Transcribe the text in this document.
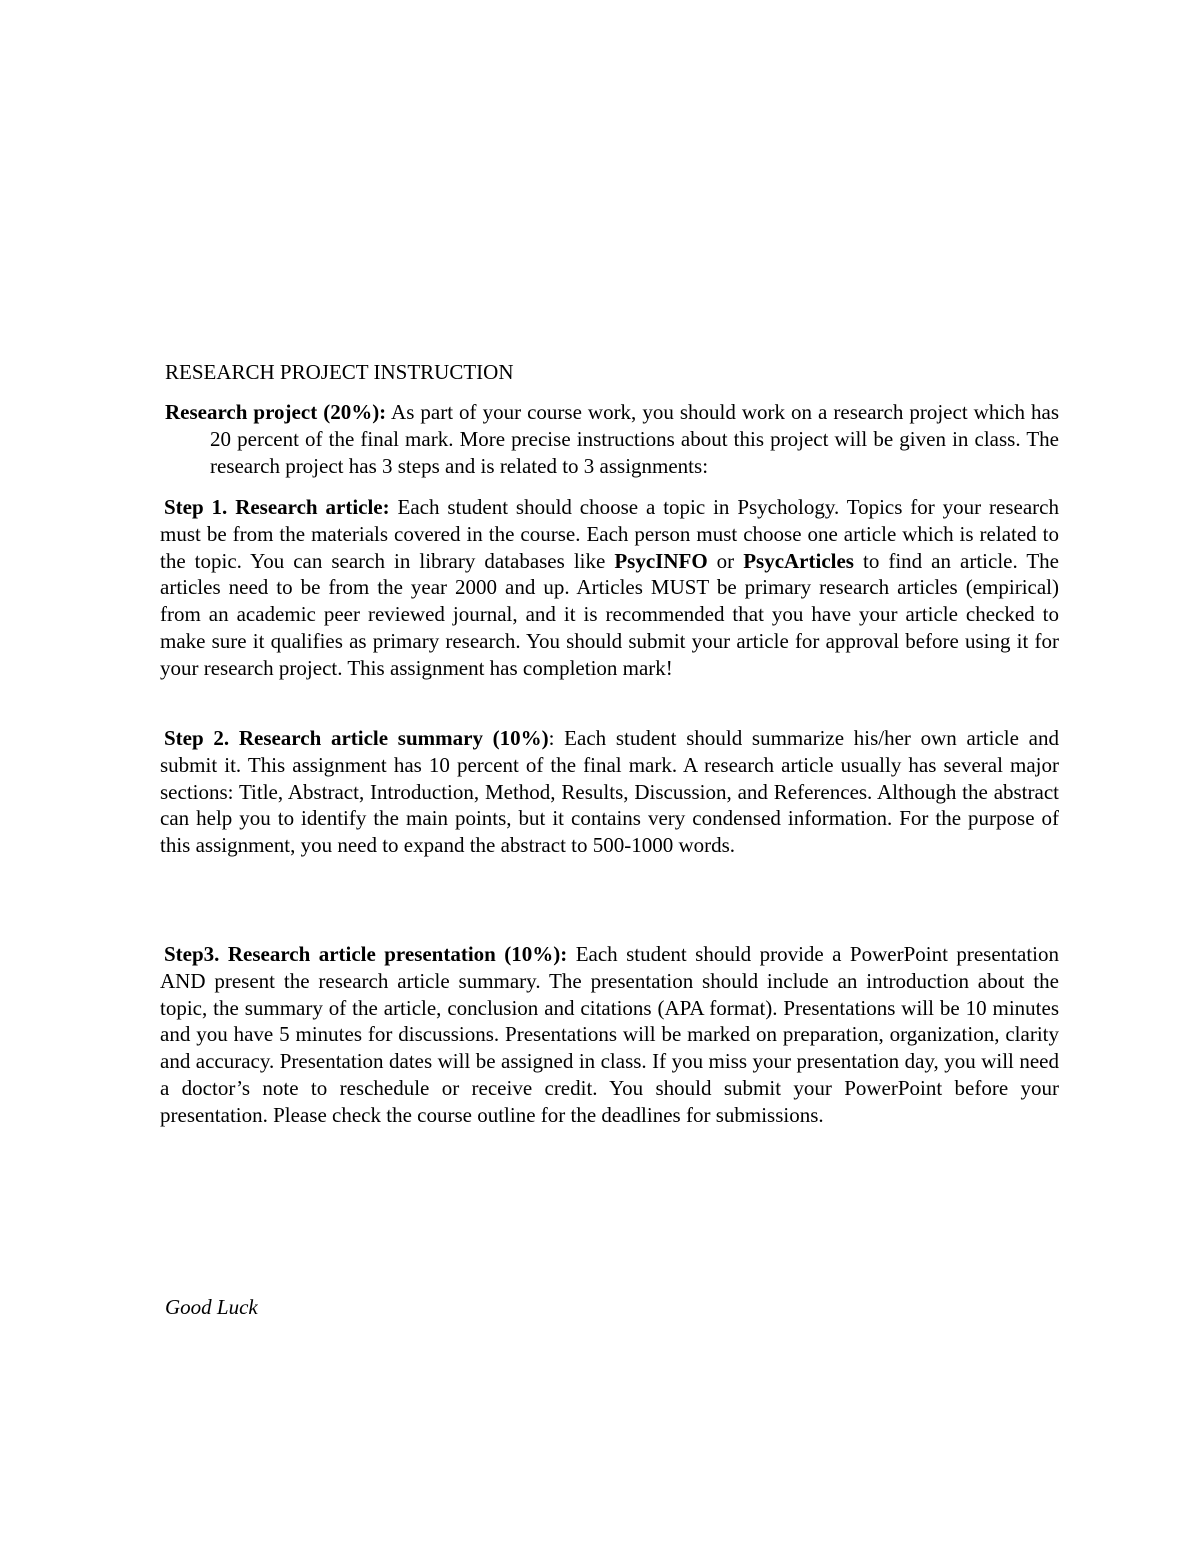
RESEARCH PROJECT INSTRUCTION
Research project (20%): As part of your course work, you should work on a research project which has 20 percent of the final mark. More precise instructions about this project will be given in class. The research project has 3 steps and is related to 3 assignments:
Step 1. Research article: Each student should choose a topic in Psychology. Topics for your research must be from the materials covered in the course. Each person must choose one article which is related to the topic. You can search in library databases like PsycINFO or PsycArticles to find an article. The articles need to be from the year 2000 and up. Articles MUST be primary research articles (empirical) from an academic peer reviewed journal, and it is recommended that you have your article checked to make sure it qualifies as primary research. You should submit your article for approval before using it for your research project. This assignment has completion mark!
Step 2. Research article summary (10%): Each student should summarize his/her own article and submit it. This assignment has 10 percent of the final mark. A research article usually has several major sections: Title, Abstract, Introduction, Method, Results, Discussion, and References. Although the abstract can help you to identify the main points, but it contains very condensed information. For the purpose of this assignment, you need to expand the abstract to 500-1000 words.
Step3. Research article presentation (10%): Each student should provide a PowerPoint presentation AND present the research article summary. The presentation should include an introduction about the topic, the summary of the article, conclusion and citations (APA format). Presentations will be 10 minutes and you have 5 minutes for discussions. Presentations will be marked on preparation, organization, clarity and accuracy. Presentation dates will be assigned in class. If you miss your presentation day, you will need a doctor’s note to reschedule or receive credit. You should submit your PowerPoint before your presentation. Please check the course outline for the deadlines for submissions.
Good Luck
